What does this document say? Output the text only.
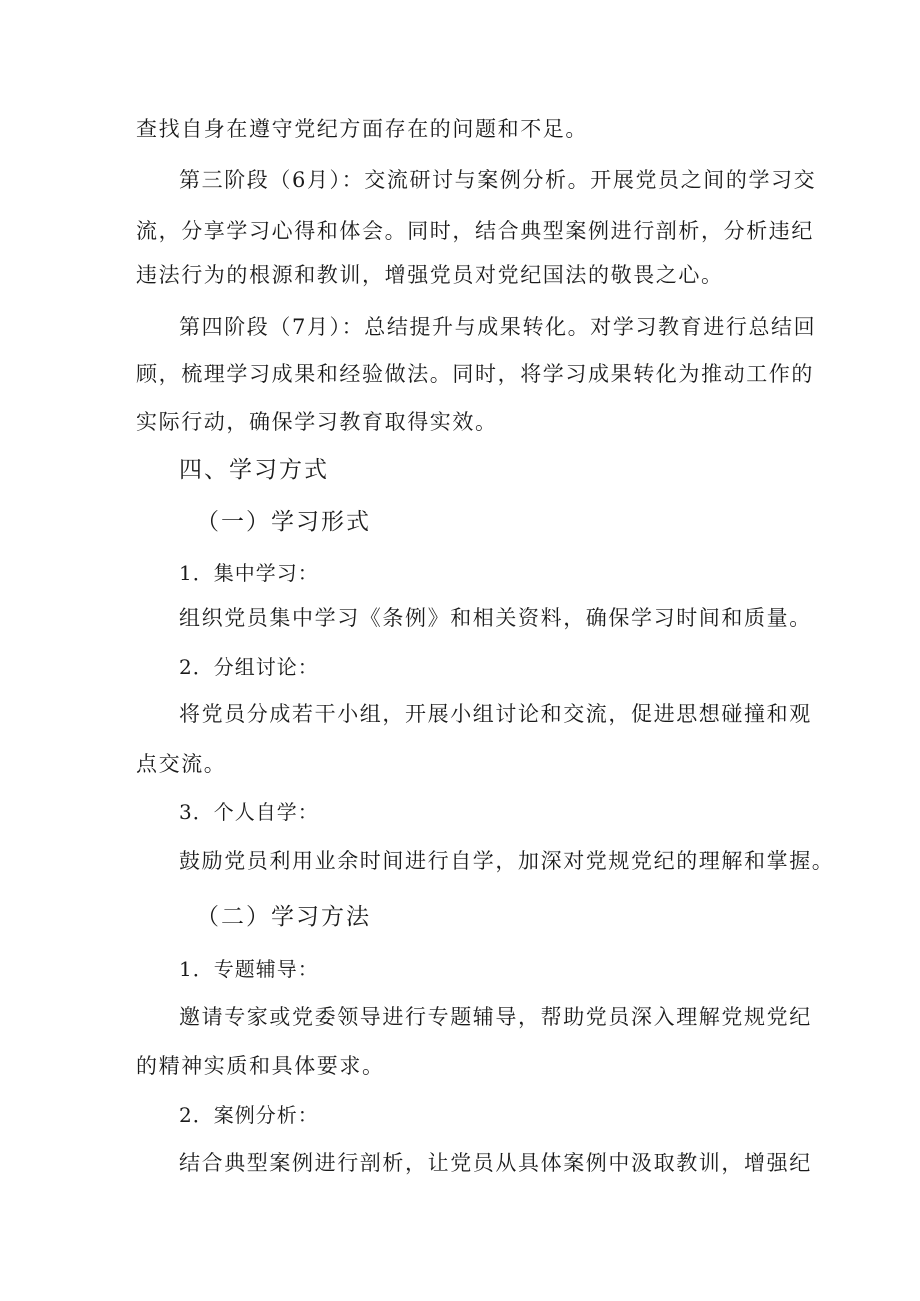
查找自身在遵守党纪方面存在的问题和不足。

第三阶段（6月）：交流研讨与案例分析。开展党员之间的学习交

流，分享学习心得和体会。同时，结合典型案例进行剖析，分析违纪

违法行为的根源和教训，增强党员对党纪国法的敬畏之心。

第四阶段（7月）：总结提升与成果转化。对学习教育进行总结回

顾，梳理学习成果和经验做法。同时，将学习成果转化为推动工作的

实际行动，确保学习教育取得实效。

四、学习方式

（一）学习形式

1．集中学习：

组织党员集中学习《条例》和相关资料，确保学习时间和质量。

2．分组讨论：

将党员分成若干小组，开展小组讨论和交流，促进思想碰撞和观

点交流。

3．个人自学：

鼓励党员利用业余时间进行自学，加深对党规党纪的理解和掌握。

（二）学习方法

1．专题辅导：

邀请专家或党委领导进行专题辅导，帮助党员深入理解党规党纪

的精神实质和具体要求。

2．案例分析：

结合典型案例进行剖析，让党员从具体案例中汲取教训，增强纪
